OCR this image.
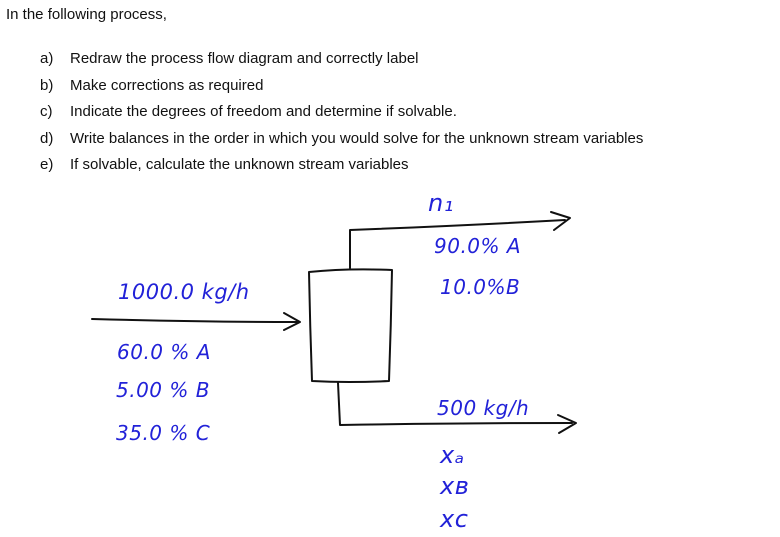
In the following process,
a) Redraw the process flow diagram and correctly label
b) Make corrections as required
c) Indicate the degrees of freedom and determine if solvable.
d) Write balances in the order in which you would solve for the unknown stream variables
e) If solvable, calculate the unknown stream variables
1000.0 kg/h
60.0 % A
5.00 % B
35.0 % C
n₁
90.0% A
10.0%B
500 kg/h
xₐ
xʙ
xᴄ
